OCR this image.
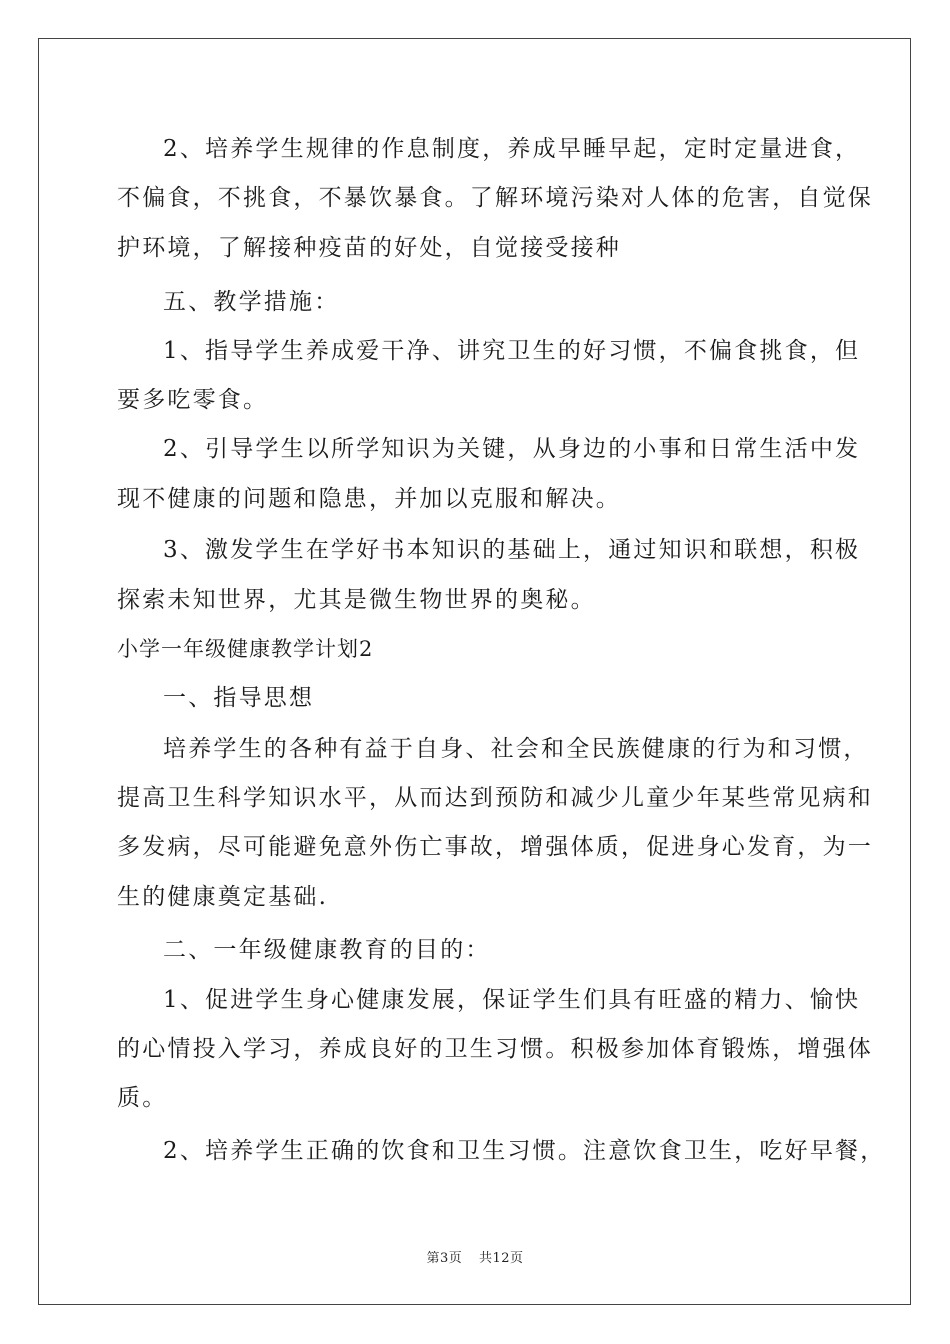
2、培养学生规律的作息制度，养成早睡早起，定时定量进食，
不偏食，不挑食，不暴饮暴食。了解环境污染对人体的危害，自觉保
护环境，了解接种疫苗的好处，自觉接受接种
五、教学措施：
1、指导学生养成爱干净、讲究卫生的好习惯，不偏食挑食，但
要多吃零食。
2、引导学生以所学知识为关键，从身边的小事和日常生活中发
现不健康的问题和隐患，并加以克服和解决。
3、激发学生在学好书本知识的基础上，通过知识和联想，积极
探索未知世界，尤其是微生物世界的奥秘。
小学一年级健康教学计划2
一、指导思想
培养学生的各种有益于自身、社会和全民族健康的行为和习惯，
提高卫生科学知识水平，从而达到预防和减少儿童少年某些常见病和
多发病，尽可能避免意外伤亡事故，增强体质，促进身心发育，为一
生的健康奠定基础.
二、一年级健康教育的目的：
1、促进学生身心健康发展，保证学生们具有旺盛的精力、愉快
的心情投入学习，养成良好的卫生习惯。积极参加体育锻炼，增强体
质。
2、培养学生正确的饮食和卫生习惯。注意饮食卫生，吃好早餐，
第3页 共12页
